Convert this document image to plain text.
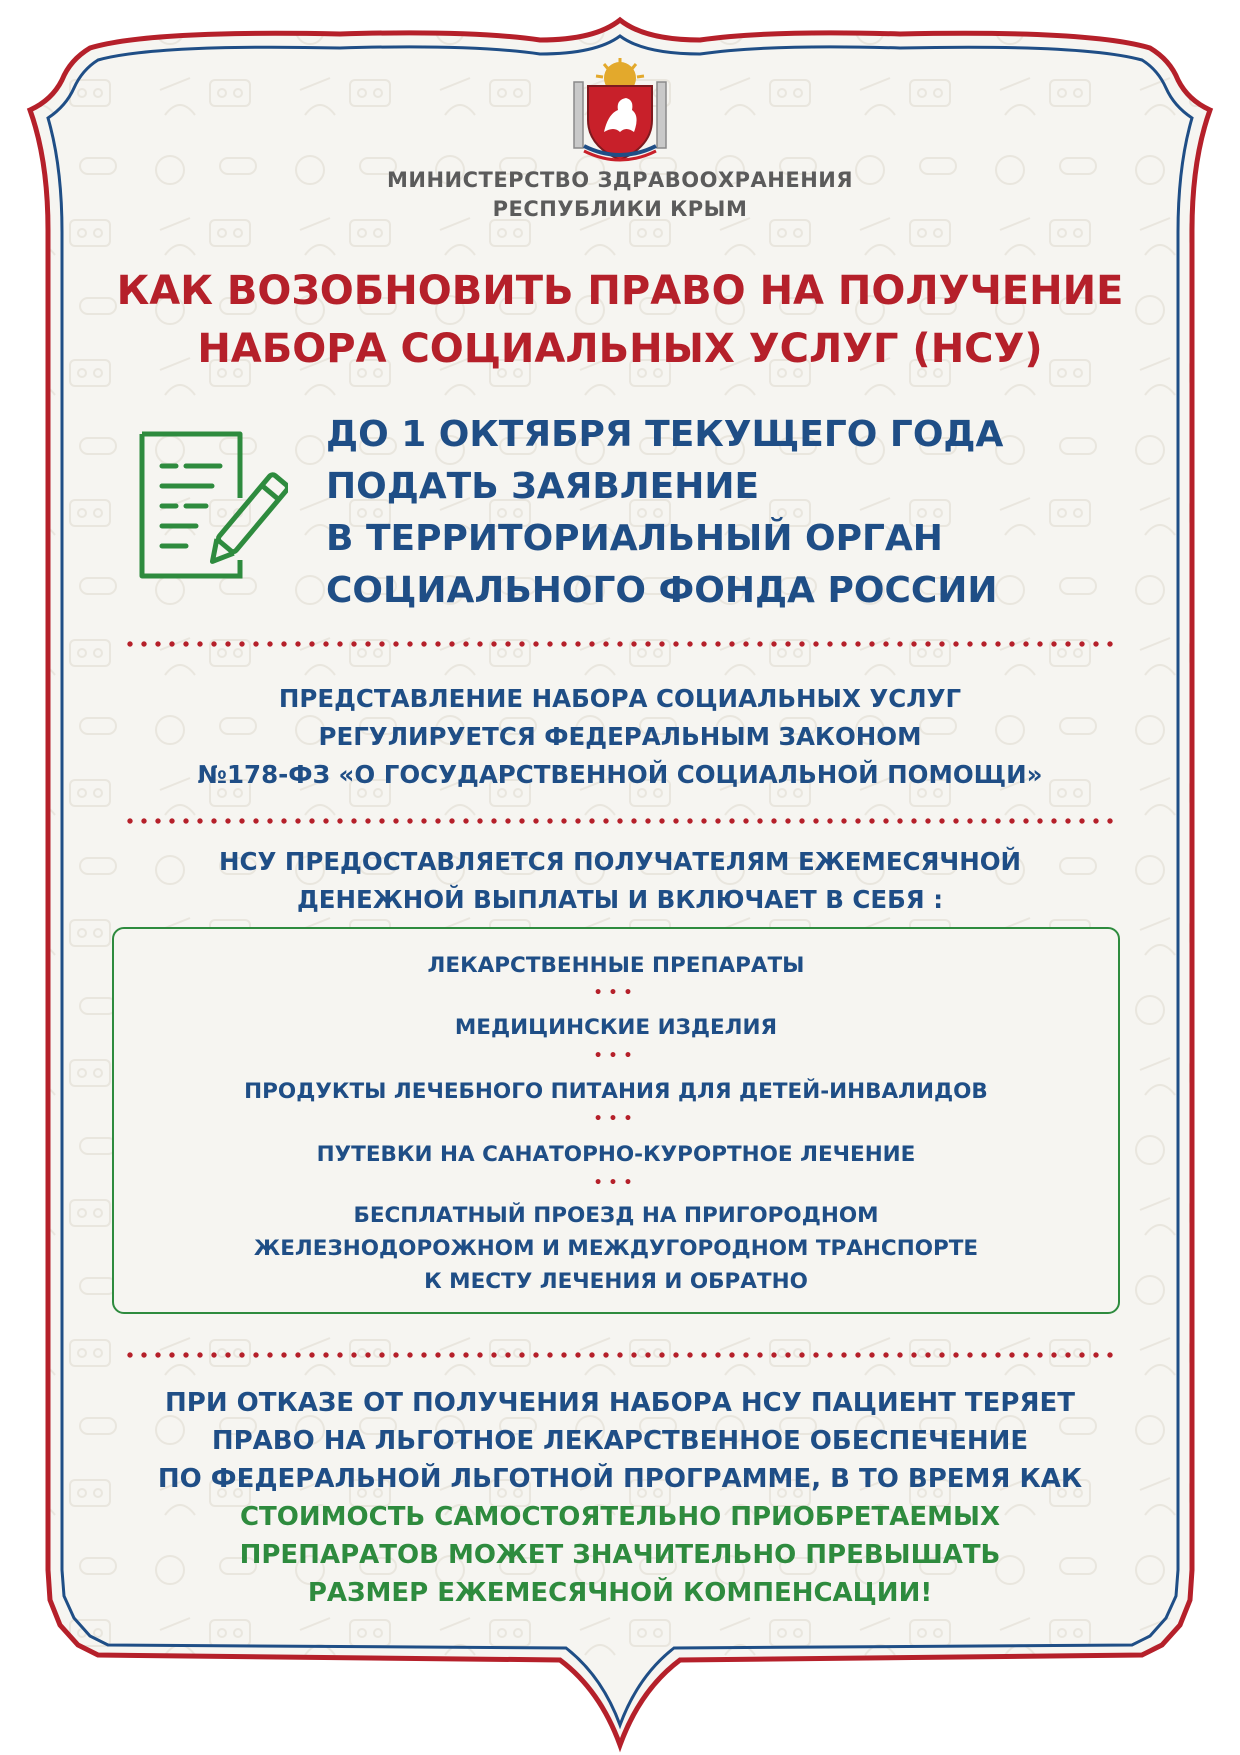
МИНИСТЕРСТВО ЗДРАВООХРАНЕНИЯ
РЕСПУБЛИКИ КРЫМ
КАК ВОЗОБНОВИТЬ ПРАВО НА ПОЛУЧЕНИЕ
НАБОРА СОЦИАЛЬНЫХ УСЛУГ (НСУ)
ДО 1 ОКТЯБРЯ ТЕКУЩЕГО ГОДА
ПОДАТЬ ЗАЯВЛЕНИЕ
В ТЕРРИТОРИАЛЬНЫЙ ОРГАН
СОЦИАЛЬНОГО ФОНДА РОССИИ
ПРЕДСТАВЛЕНИЕ НАБОРА СОЦИАЛЬНЫХ УСЛУГ
РЕГУЛИРУЕТСЯ ФЕДЕРАЛЬНЫМ ЗАКОНОМ
№178-ФЗ «О ГОСУДАРСТВЕННОЙ СОЦИАЛЬНОЙ ПОМОЩИ»
НСУ ПРЕДОСТАВЛЯЕТСЯ ПОЛУЧАТЕЛЯМ ЕЖЕМЕСЯЧНОЙ
ДЕНЕЖНОЙ ВЫПЛАТЫ И ВКЛЮЧАЕТ В СЕБЯ :
ЛЕКАРСТВЕННЫЕ ПРЕПАРАТЫ
•••
МЕДИЦИНСКИЕ ИЗДЕЛИЯ
•••
ПРОДУКТЫ ЛЕЧЕБНОГО ПИТАНИЯ ДЛЯ ДЕТЕЙ-ИНВАЛИДОВ
•••
ПУТЕВКИ НА САНАТОРНО-КУРОРТНОЕ ЛЕЧЕНИЕ
•••
БЕСПЛАТНЫЙ ПРОЕЗД НА ПРИГОРОДНОМ
ЖЕЛЕЗНОДОРОЖНОМ И МЕЖДУГОРОДНОМ ТРАНСПОРТЕ
К МЕСТУ ЛЕЧЕНИЯ И ОБРАТНО
ПРИ ОТКАЗЕ ОТ ПОЛУЧЕНИЯ НАБОРА НСУ ПАЦИЕНТ ТЕРЯЕТ
ПРАВО НА ЛЬГОТНОЕ ЛЕКАРСТВЕННОЕ ОБЕСПЕЧЕНИЕ
ПО ФЕДЕРАЛЬНОЙ ЛЬГОТНОЙ ПРОГРАММЕ, В ТО ВРЕМЯ КАК
СТОИМОСТЬ САМОСТОЯТЕЛЬНО ПРИОБРЕТАЕМЫХ
ПРЕПАРАТОВ МОЖЕТ ЗНАЧИТЕЛЬНО ПРЕВЫШАТЬ
РАЗМЕР ЕЖЕМЕСЯЧНОЙ КОМПЕНСАЦИИ!
